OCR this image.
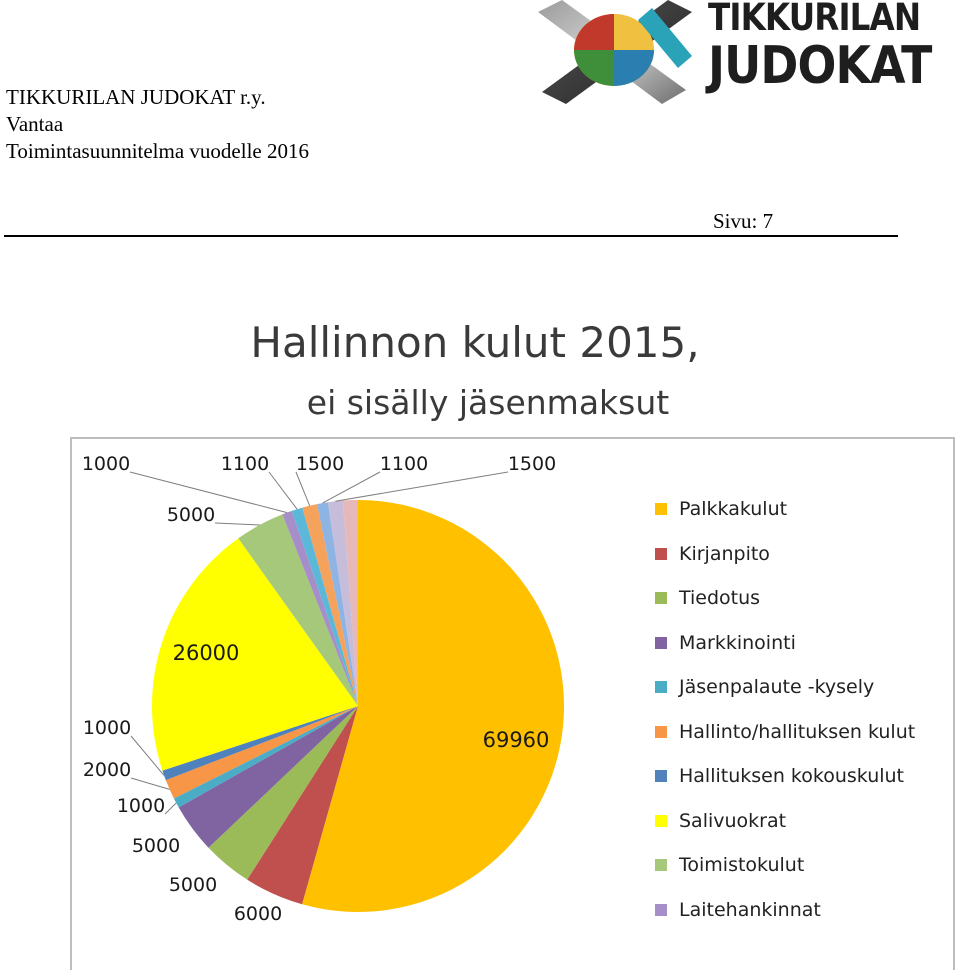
TIKKURILAN JUDOKAT r.y.
Vantaa
Toimintasuunnitelma vuodelle 2016
TIKKURILAN
JUDOKAT
Sivu: 7
Hallinnon kulut 2015,
ei sisälly jäsenmaksut
69960
6000
5000
5000
1000
2000
1000
26000
5000
1000	1100 1500 1100	1500
Palkkakulut
Kirjanpito
Tiedotus
Markkinointi
Jäsenpalaute -kysely
Hallinto/hallituksen kulut
Hallituksen kokouskulut
Salivuokrat
Toimistokulut
Laitehankinnat
